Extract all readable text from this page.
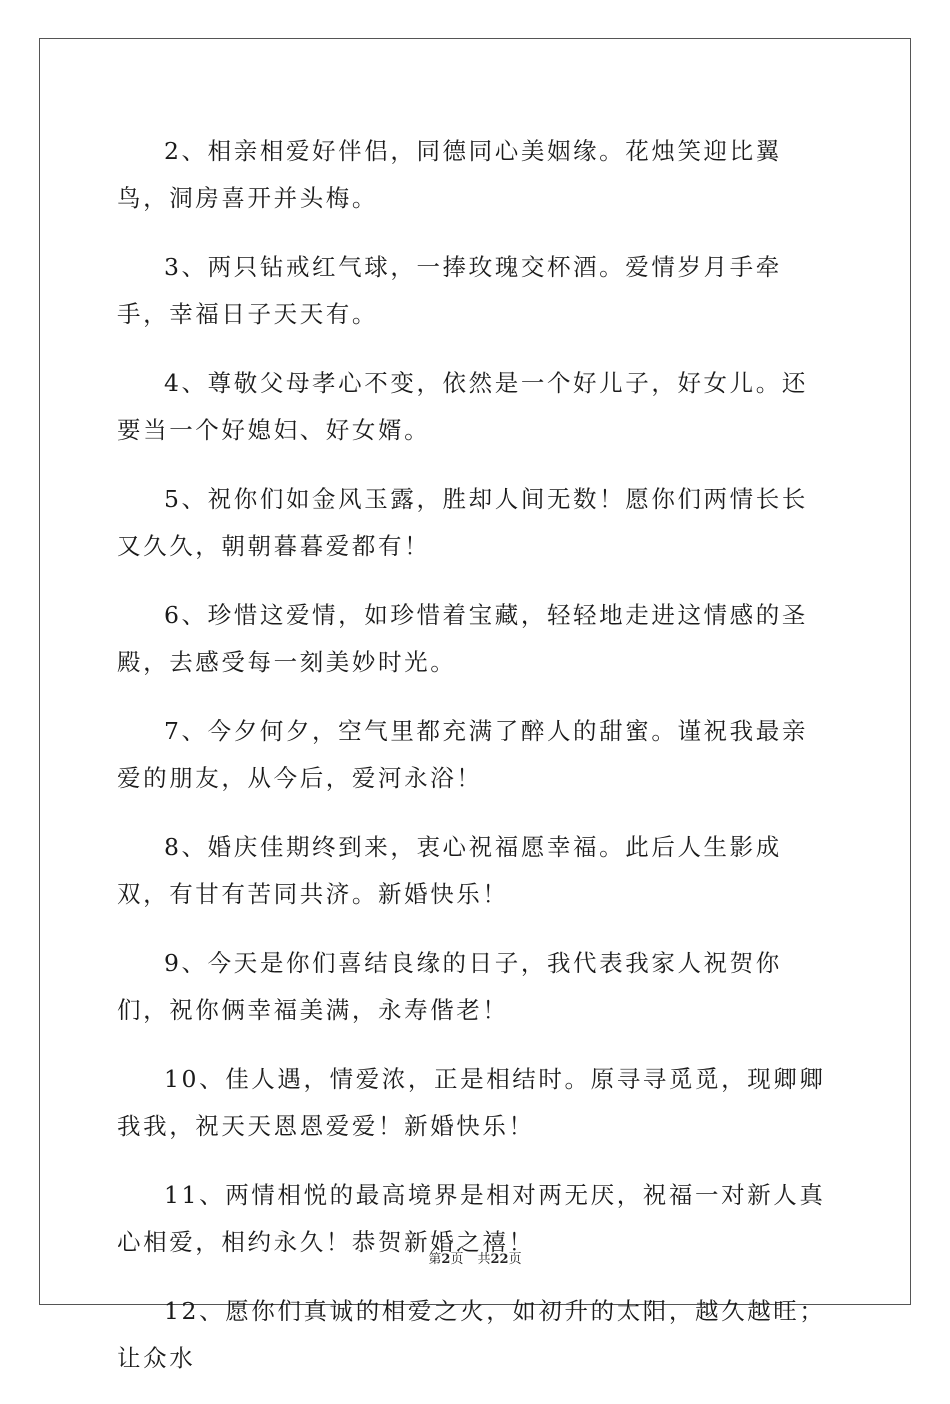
2、相亲相爱好伴侣，同德同心美姻缘。花烛笑迎比翼鸟，洞房喜开并头梅。

3、两只钻戒红气球，一捧玫瑰交杯酒。爱情岁月手牵手，幸福日子天天有。

4、尊敬父母孝心不变，依然是一个好儿子，好女儿。还要当一个好媳妇、好女婿。

5、祝你们如金风玉露，胜却人间无数！愿你们两情长长又久久，朝朝暮暮爱都有！

6、珍惜这爱情，如珍惜着宝藏，轻轻地走进这情感的圣殿，去感受每一刻美妙时光。

7、今夕何夕，空气里都充满了醉人的甜蜜。谨祝我最亲爱的朋友，从今后，爱河永浴！

8、婚庆佳期终到来，衷心祝福愿幸福。此后人生影成双，有甘有苦同共济。新婚快乐！

9、今天是你们喜结良缘的日子，我代表我家人祝贺你们，祝你俩幸福美满，永寿偕老！

10、佳人遇，情爱浓，正是相结时。原寻寻觅觅，现卿卿我我，祝天天恩恩爱爱！新婚快乐！

11、两情相悦的最高境界是相对两无厌，祝福一对新人真心相爱，相约永久！恭贺新婚之禧！

12、愿你们真诚的相爱之火，如初升的太阳，越久越旺；让众水

第2页 共22页
